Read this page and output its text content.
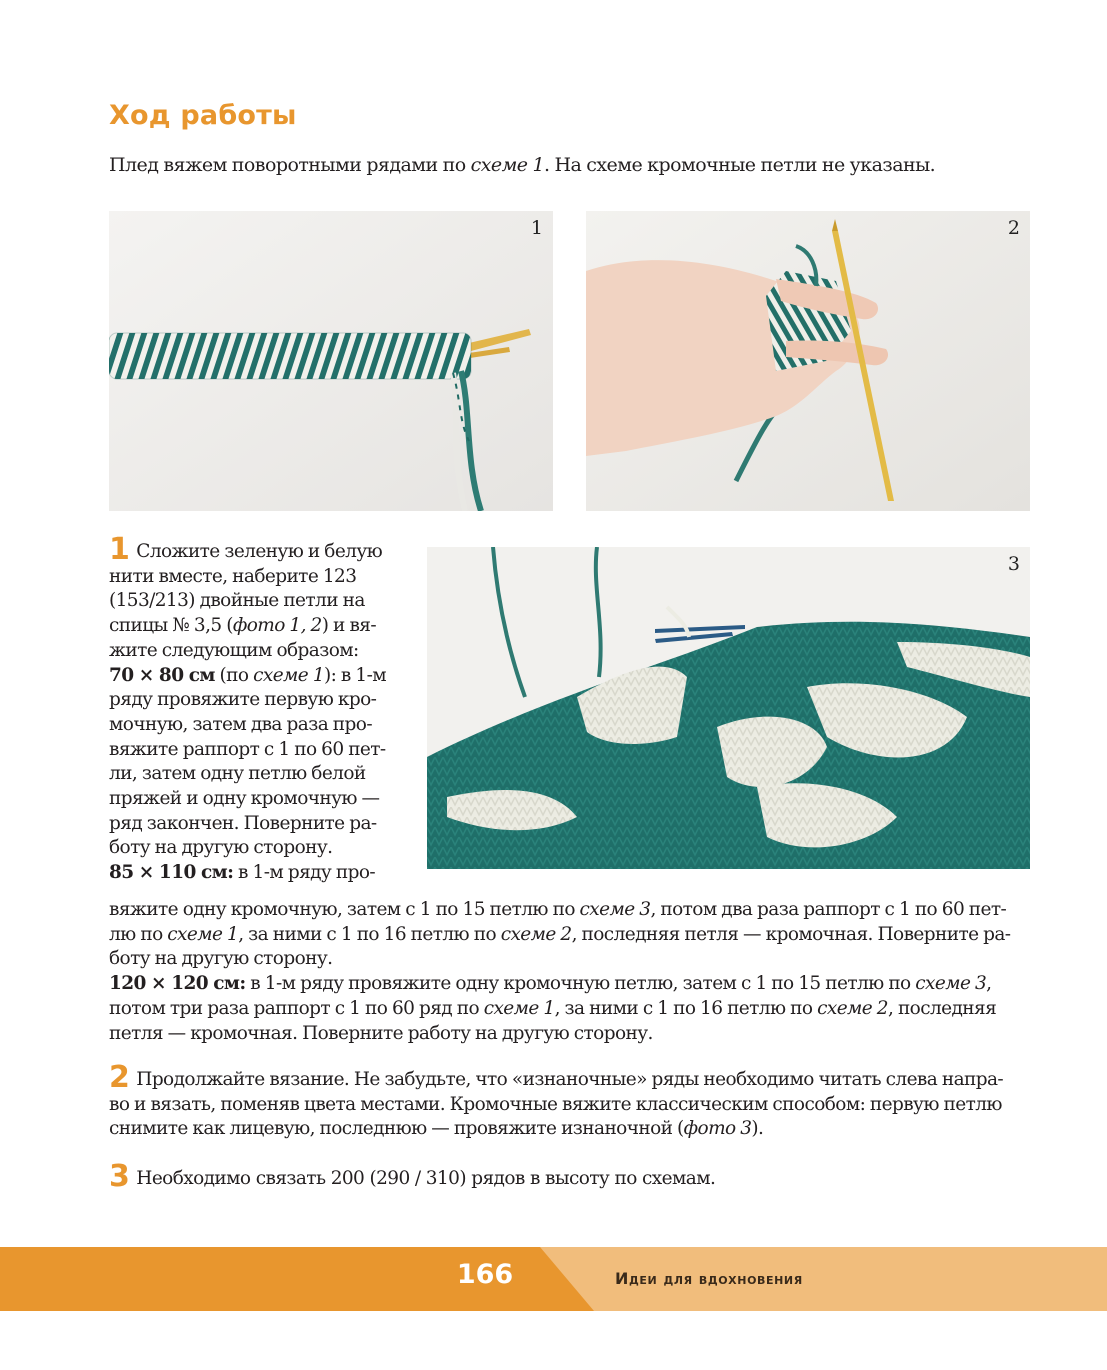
Ход работы
Плед вяжем поворотными рядами по схеме 1. На схеме кромочные петли не указаны.
1	2
3
1 Сложите зеленую и белую
нити вместе, наберите 123
(153/213) двойные петли на
спицы № 3,5 (фото 1, 2) и вя-
жите следующим образом:
70 × 80 см (по схеме 1): в 1-м
ряду провяжите первую кро-
мочную, затем два раза про-
вяжите раппорт с 1 по 60 пет-
ли, затем одну петлю белой
пряжей и одну кромочную —
ряд закончен. Поверните ра-
боту на другую сторону.
85 × 110 см: в 1-м ряду про-
вяжите одну кромочную, затем с 1 по 15 петлю по схеме 3, потом два раза раппорт с 1 по 60 пет-
лю по схеме 1, за ними с 1 по 16 петлю по схеме 2, последняя петля — кромочная. Поверните ра-
боту на другую сторону.
120 × 120 см: в 1-м ряду провяжите одну кромочную петлю, затем с 1 по 15 петлю по схеме 3,
потом три раза раппорт с 1 по 60 ряд по схеме 1, за ними с 1 по 16 петлю по схеме 2, последняя
петля — кромочная. Поверните работу на другую сторону.
2 Продолжайте вязание. Не забудьте, что «изнаночные» ряды необходимо читать слева напра-
во и вязать, поменяв цвета местами. Кромочные вяжите классическим способом: первую петлю
снимите как лицевую, последнюю — провяжите изнаночной (фото 3).
3 Необходимо связать 200 (290 / 310) рядов в высоту по схемам.
166	Идеи для вдохновения
